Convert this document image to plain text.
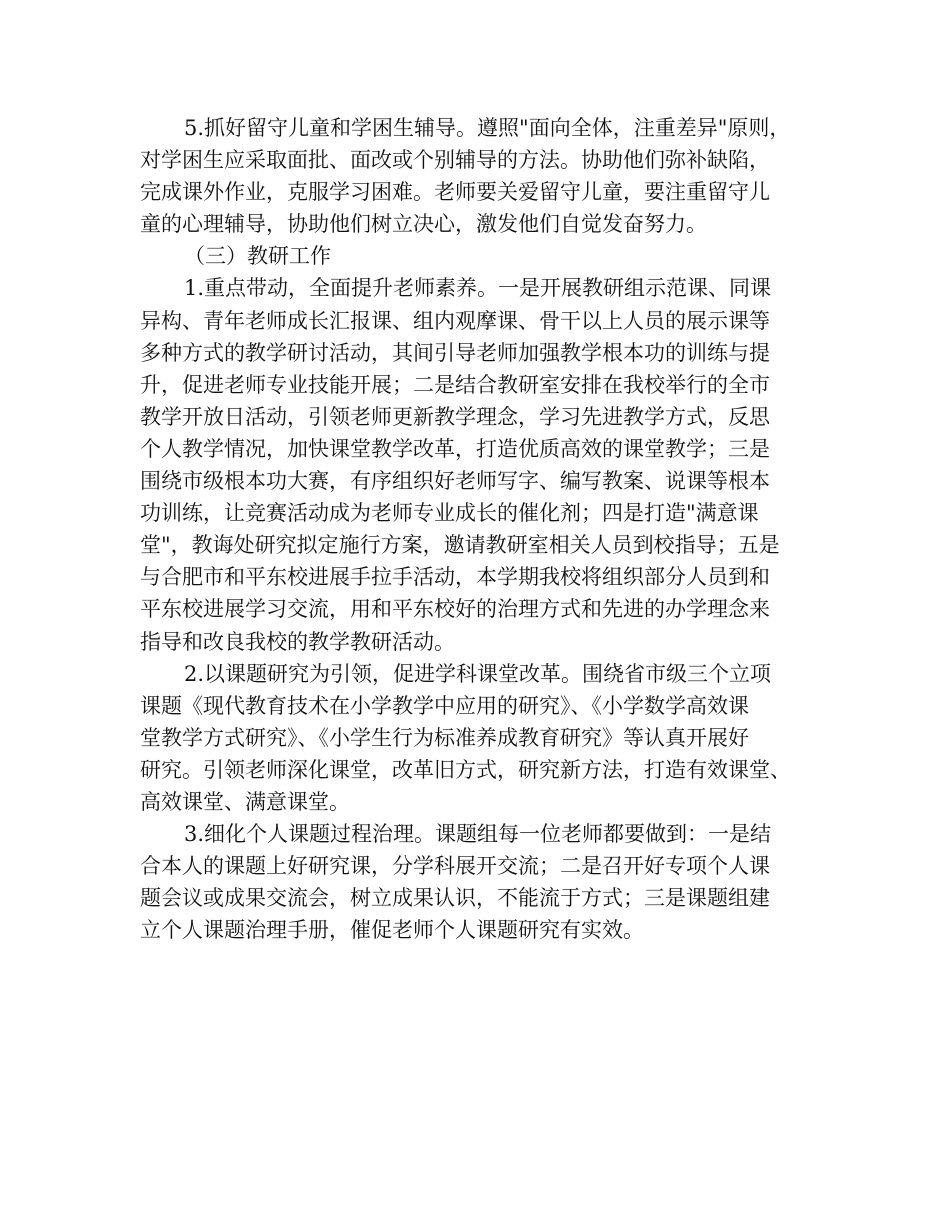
5.抓好留守儿童和学困生辅导。遵照"面向全体，注重差异"原则，
对学困生应采取面批、面改或个别辅导的方法。协助他们弥补缺陷，
完成课外作业，克服学习困难。老师要关爱留守儿童，要注重留守儿
童的心理辅导，协助他们树立决心，激发他们自觉发奋努力。
（三）教研工作
1.重点带动，全面提升老师素养。一是开展教研组示范课、同课
异构、青年老师成长汇报课、组内观摩课、骨干以上人员的展示课等
多种方式的教学研讨活动，其间引导老师加强教学根本功的训练与提
升，促进老师专业技能开展；二是结合教研室安排在我校举行的全市
教学开放日活动，引领老师更新教学理念，学习先进教学方式，反思
个人教学情况，加快课堂教学改革，打造优质高效的课堂教学；三是
围绕市级根本功大赛，有序组织好老师写字、编写教案、说课等根本
功训练，让竞赛活动成为老师专业成长的催化剂；四是打造"满意课
堂"，教诲处研究拟定施行方案，邀请教研室相关人员到校指导；五是
与合肥市和平东校进展手拉手活动，本学期我校将组织部分人员到和
平东校进展学习交流，用和平东校好的治理方式和先进的办学理念来
指导和改良我校的教学教研活动。
2.以课题研究为引领，促进学科课堂改革。围绕省市级三个立项
课题《现代教育技术在小学教学中应用的研究》、《小学数学高效课
堂教学方式研究》、《小学生行为标准养成教育研究》等认真开展好
研究。引领老师深化课堂，改革旧方式，研究新方法，打造有效课堂、
高效课堂、满意课堂。
3.细化个人课题过程治理。课题组每一位老师都要做到：一是结
合本人的课题上好研究课，分学科展开交流；二是召开好专项个人课
题会议或成果交流会，树立成果认识，不能流于方式；三是课题组建
立个人课题治理手册，催促老师个人课题研究有实效。
